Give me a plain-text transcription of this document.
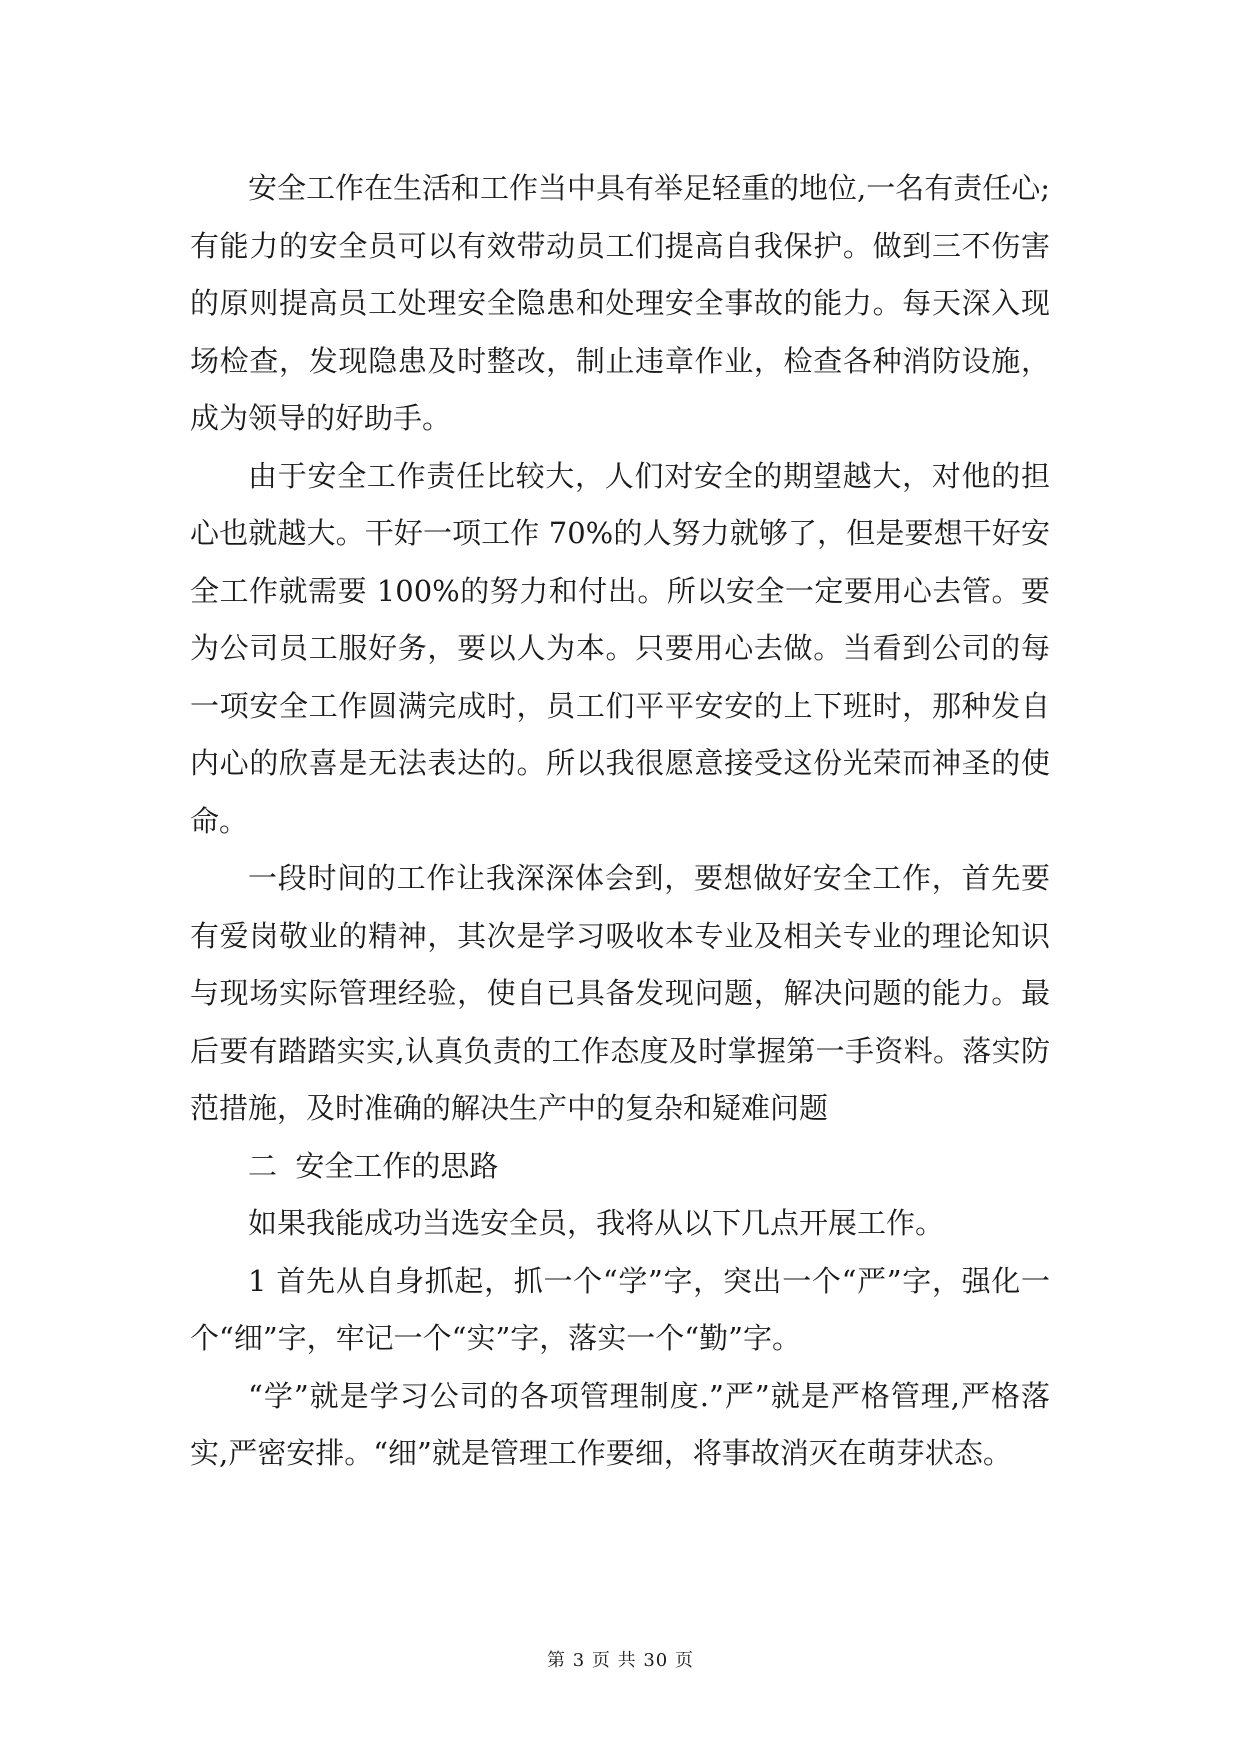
安全工作在生活和工作当中具有举足轻重的地位,一名有责任心;有能力的安全员可以有效带动员工们提高自我保护。做到三不伤害的原则提高员工处理安全隐患和处理安全事故的能力。每天深入现场检查，发现隐患及时整改，制止违章作业，检查各种消防设施，成为领导的好助手。

由于安全工作责任比较大，人们对安全的期望越大，对他的担心也就越大。干好一项工作 70%的人努力就够了，但是要想干好安全工作就需要 100%的努力和付出。所以安全一定要用心去管。要为公司员工服好务，要以人为本。只要用心去做。当看到公司的每一项安全工作圆满完成时，员工们平平安安的上下班时，那种发自内心的欣喜是无法表达的。所以我很愿意接受这份光荣而神圣的使命。

一段时间的工作让我深深体会到，要想做好安全工作，首先要有爱岗敬业的精神，其次是学习吸收本专业及相关专业的理论知识与现场实际管理经验，使自已具备发现问题，解决问题的能力。最后要有踏踏实实,认真负责的工作态度及时掌握第一手资料。落实防范措施，及时准确的解决生产中的复杂和疑难问题

二  安全工作的思路

如果我能成功当选安全员，我将从以下几点开展工作。

1 首先从自身抓起，抓一个“学”字，突出一个“严”字，强化一个“细”字，牢记一个“实”字，落实一个“勤”字。

“学”就是学习公司的各项管理制度.”严”就是严格管理,严格落实,严密安排。“细”就是管理工作要细，将事故消灭在萌芽状态。

第 3 页 共 30 页
